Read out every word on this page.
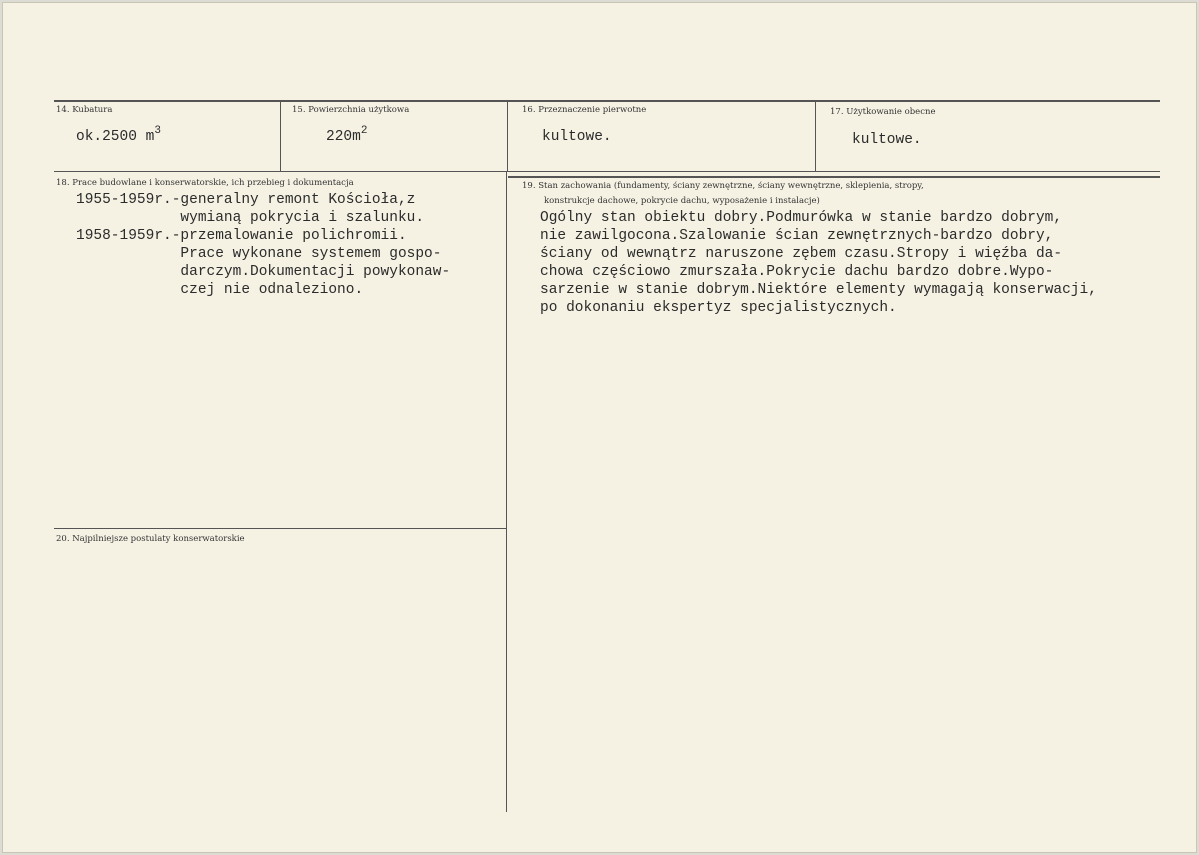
14. Kubatura
ok.2500 $m^3$
15. Powierzchnia użytkowa
$220m^2$
16. Przeznaczenie pierwotne
kultowe.
17. Użytkowanie obecne
kultowe.
18. Prace budowlane i konserwatorskie, ich przebieg i dokumentacja
1955-1959r.-generalny remont Kościoła,z
wymianą pokrycia i szalunku.
1958-1959r.-przemalowanie polichromii.
Prace wykonane systemem gospo-
darczym.Dokumentacji powykonaw-
czej nie odnaleziono.
19. Stan zachowania (fundamenty, ściany zewnętrzne, ściany wewnętrzne, sklepienia, stropy,
konstrukcje dachowe, pokrycie dachu, wyposażenie i instalacje)
Ogólny stan obiektu dobry.Podmurówka w stanie bardzo dobrym,
nie zawilgocona.Szalowanie ścian zewnętrznych-bardzo dobry,
ściany od wewnątrz naruszone zębem czasu.Stropy i więźba da-
chowa częściowo zmurszała.Pokrycie dachu bardzo dobre.Wypo-
sarzenie w stanie dobrym.Niektóre elementy wymagają konserwacji,
po dokonaniu ekspertyz specjalistycznych.
20. Najpilniejsze postulaty konserwatorskie
